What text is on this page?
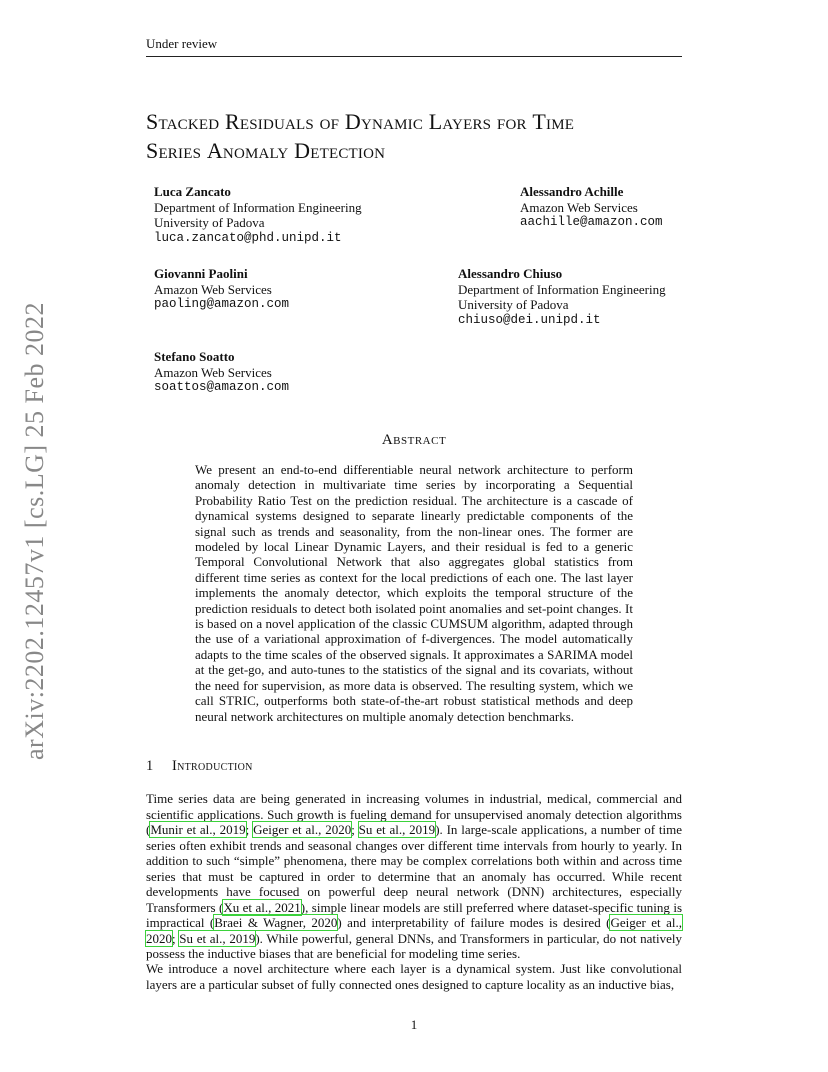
Under review
Stacked Residuals of Dynamic Layers for Time
Series Anomaly Detection
Luca Zancato
Department of Information Engineering
University of Padova
luca.zancato@phd.unipd.it
Alessandro Achille
Amazon Web Services
aachille@amazon.com
Giovanni Paolini
Amazon Web Services
paoling@amazon.com
Alessandro Chiuso
Department of Information Engineering
University of Padova
chiuso@dei.unipd.it
Stefano Soatto
Amazon Web Services
soattos@amazon.com
arXiv:2202.12457v1 [cs.LG] 25 Feb 2022	Abstract
We present an end-to-end differentiable neural network architecture to perform anomaly detection in multivariate time series by incorporating a Sequential Probability Ratio Test on the prediction residual. The architecture is a cascade of dynamical systems designed to separate linearly predictable components of the signal such as trends and seasonality, from the non-linear ones. The former are modeled by local Linear Dynamic Layers, and their residual is fed to a generic Temporal Convolutional Network that also aggregates global statistics from different time series as context for the local predictions of each one. The last layer implements the anomaly detector, which exploits the temporal structure of the prediction residuals to detect both isolated point anomalies and set-point changes. It is based on a novel application of the classic CUMSUM algorithm, adapted through the use of a variational approximation of f-divergences. The model automatically adapts to the time scales of the observed signals. It approximates a SARIMA model at the get-go, and auto-tunes to the statistics of the signal and its covariats, without the need for supervision, as more data is observed. The resulting system, which we call STRIC, outperforms both state-of-the-art robust statistical methods and deep neural network architectures on multiple anomaly detection benchmarks.
1 Introduction

Time series data are being generated in increasing volumes in industrial, medical, commercial and scientific applications. Such growth is fueling demand for unsupervised anomaly detection algorithms (Munir et al., 2019; Geiger et al., 2020; Su et al., 2019). In large-scale applications, a number of time series often exhibit trends and seasonal changes over different time intervals from hourly to yearly. In addition to such “simple” phenomena, there may be complex correlations both within and across time series that must be captured in order to determine that an anomaly has occurred. While recent developments have focused on powerful deep neural network (DNN) architectures, especially Transformers (Xu et al., 2021), simple linear models are still preferred where dataset-specific tuning is impractical (Braei & Wagner, 2020) and interpretability of failure modes is desired (Geiger et al., 2020; Su et al., 2019). While powerful, general DNNs, and Transformers in particular, do not natively possess the inductive biases that are beneficial for modeling time series.

We introduce a novel architecture where each layer is a dynamical system. Just like convolutional layers are a particular subset of fully connected ones designed to capture locality as an inductive bias,

1
